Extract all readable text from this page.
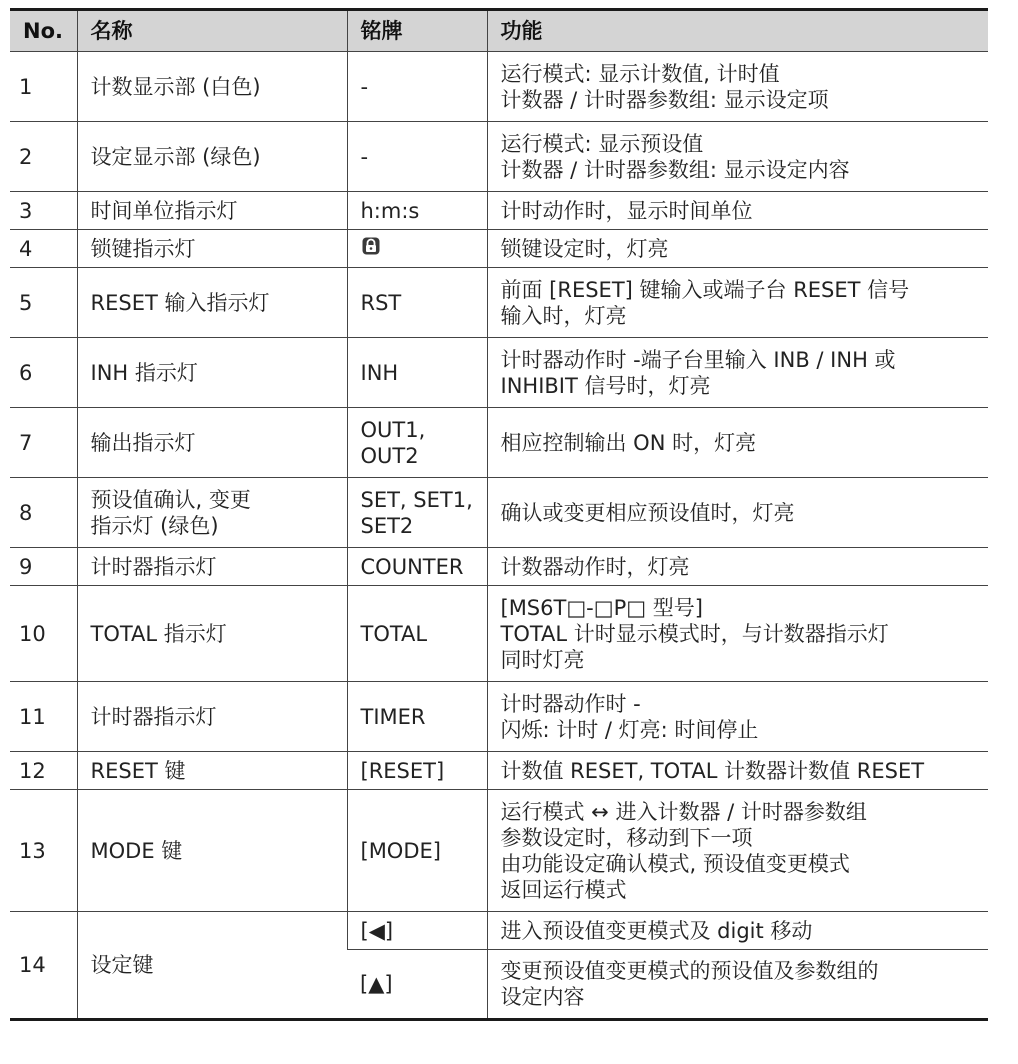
No.	名称	铭牌	功能
1	计数显示部 (白色)	-	运行模式: 显示计数值, 计时值
计数器 / 计时器参数组: 显示设定项

2	设定显示部 (绿色)	-	运行模式: 显示预设值
计数器 / 计时器参数组: 显示设定内容

3	时间单位指示灯	h:m:s	计时动作时，显示时间单位

4	锁键指示灯		锁键设定时，灯亮

5	RESET 输入指示灯	RST	前面 [RESET] 键输入或端子台 RESET 信号
输入时，灯亮

6	INH 指示灯	INH	计时器动作时 -端子台里输入 INB / INH 或
INHIBIT 信号时，灯亮

7	输出指示灯	OUT1,
OUT2	相应控制输出 ON 时，灯亮

8	预设值确认, 变更
指示灯 (绿色)	SET, SET1,
SET2	确认或变更相应预设值时，灯亮

9	计时器指示灯	COUNTER	计数器动作时，灯亮

10	TOTAL 指示灯	TOTAL	[MS6T□-□P□ 型号]
TOTAL 计时显示模式时，与计数器指示灯
同时灯亮

11	计时器指示灯	TIMER	计时器动作时 -
闪烁: 计时 / 灯亮: 时间停止

12	RESET 键	[RESET]	计数值 RESET, TOTAL 计数器计数值 RESET

13	MODE 键	[MODE]	运行模式 ↔ 进入计数器 / 计时器参数组
参数设定时，移动到下一项
由功能设定确认模式, 预设值变更模式
返回运行模式

14	设定键	[◀]	进入预设值变更模式及 digit 移动

		[▲]	变更预设值变更模式的预设值及参数组的
设定内容
